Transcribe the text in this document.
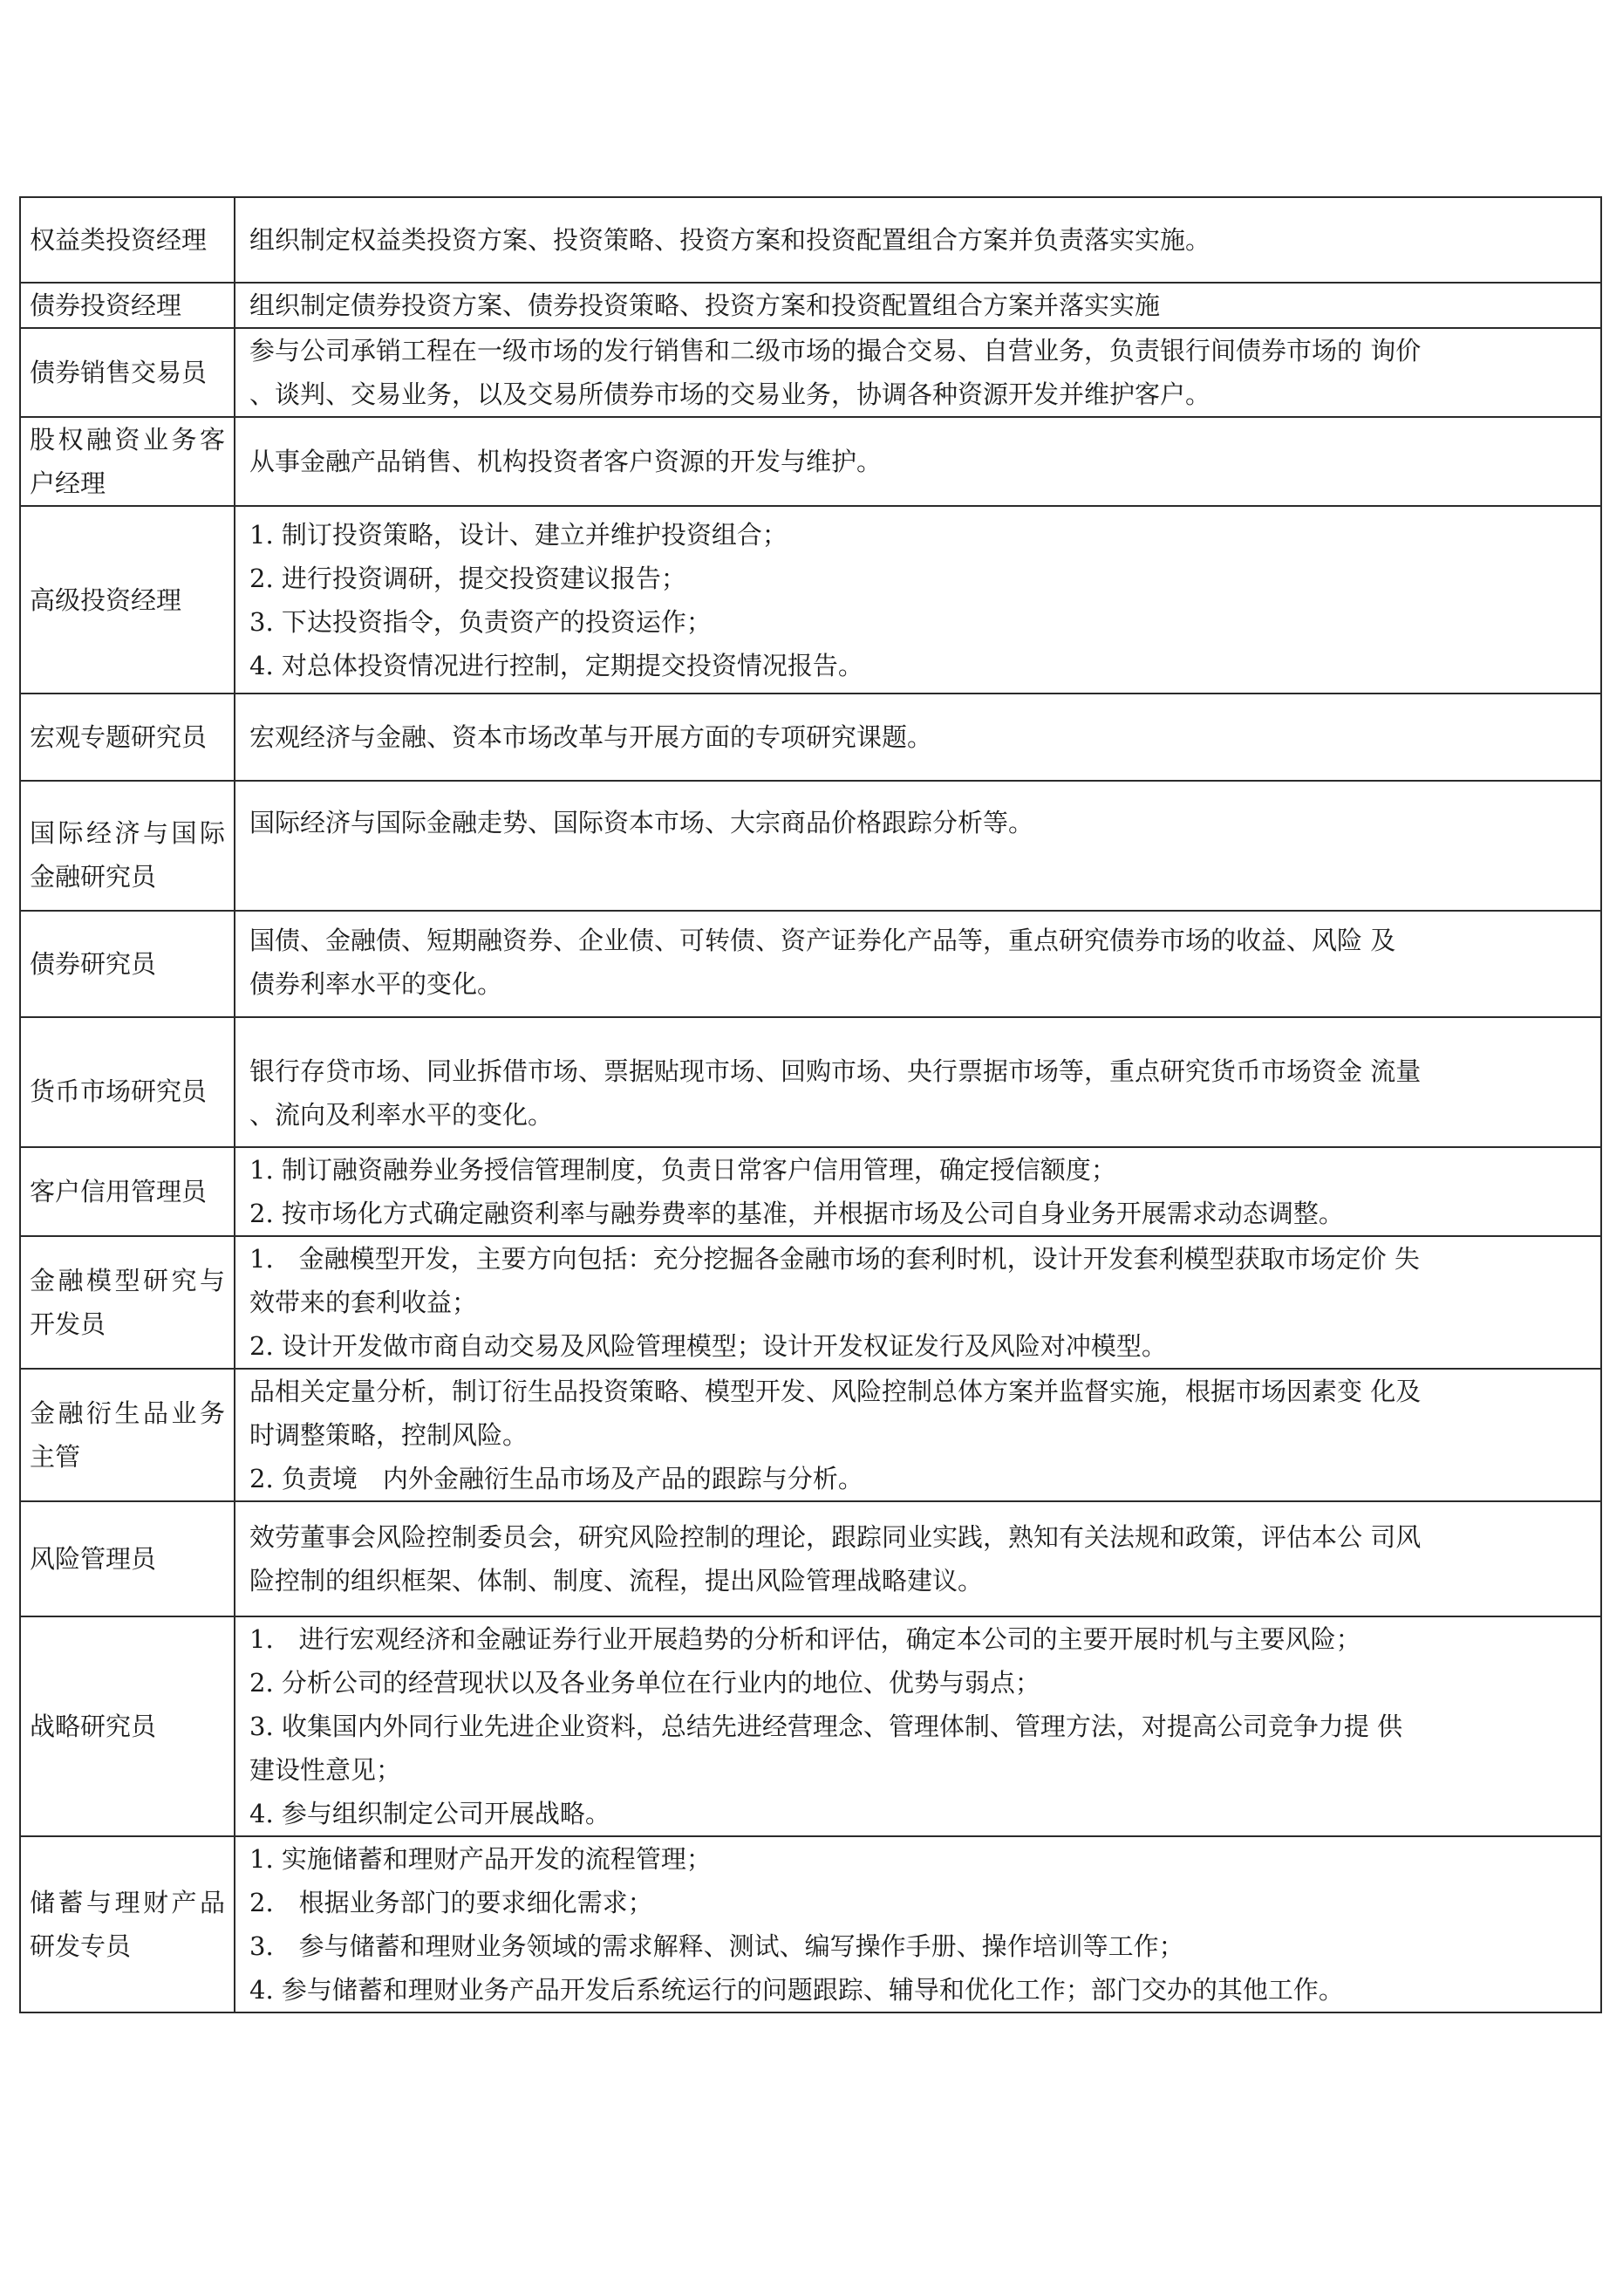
权益类投资经理	组织制定权益类投资方案、投资策略、投资方案和投资配置组合方案并负责落实实施。

债券投资经理	组织制定债券投资方案、债券投资策略、投资方案和投资配置组合方案并落实实施

债券销售交易员	参与公司承销工程在一级市场的发行销售和二级市场的撮合交易、自营业务，负责银行间债券市场的 询价
、谈判、交易业务，以及交易所债券市场的交易业务，协调各种资源开发并维护客户。

股权融资业务客户经理	从事金融产品销售、机构投资者客户资源的开发与维护。

高级投资经理	1. 制订投资策略，设计、建立并维护投资组合；
2. 进行投资调研，提交投资建议报告；
3. 下达投资指令，负责资产的投资运作；
4. 对总体投资情况进行控制，定期提交投资情况报告。

宏观专题研究员	宏观经济与金融、资本市场改革与开展方面的专项研究课题。

国际经济与国际金融研究员	国际经济与国际金融走势、国际资本市场、大宗商品价格跟踪分析等。

债券研究员	国债、金融债、短期融资券、企业债、可转债、资产证券化产品等，重点研究债券市场的收益、风险 及
债券利率水平的变化。

货币市场研究员	银行存贷市场、同业拆借市场、票据贴现市场、回购市场、央行票据市场等，重点研究货币市场资金 流量
、流向及利率水平的变化。

客户信用管理员	1. 制订融资融券业务授信管理制度，负责日常客户信用管理，确定授信额度；
2. 按市场化方式确定融资利率与融券费率的基准，并根据市场及公司自身业务开展需求动态调整。

金融模型研究与开发员	1.　金融模型开发，主要方向包括：充分挖掘各金融市场的套利时机，设计开发套利模型获取市场定价 失
效带来的套利收益；
2. 设计开发做市商自动交易及风险管理模型；设计开发权证发行及风险对冲模型。

金融衍生品业务主管	品相关定量分析，制订衍生品投资策略、模型开发、风险控制总体方案并监督实施，根据市场因素变 化及
时调整策略，控制风险。
2. 负责境　内外金融衍生品市场及产品的跟踪与分析。

风险管理员	效劳董事会风险控制委员会，研究风险控制的理论，跟踪同业实践，熟知有关法规和政策，评估本公 司风
险控制的组织框架、体制、制度、流程，提出风险管理战略建议。

战略研究员	1.　进行宏观经济和金融证券行业开展趋势的分析和评估，确定本公司的主要开展时机与主要风险；
2. 分析公司的经营现状以及各业务单位在行业内的地位、优势与弱点；
3. 收集国内外同行业先进企业资料，总结先进经营理念、管理体制、管理方法，对提高公司竞争力提 供
建设性意见；
4. 参与组织制定公司开展战略。

储蓄与理财产品研发专员	1. 实施储蓄和理财产品开发的流程管理；
2.　根据业务部门的要求细化需求；
3.　参与储蓄和理财业务领域的需求解释、测试、编写操作手册、操作培训等工作；
4. 参与储蓄和理财业务产品开发后系统运行的问题跟踪、辅导和优化工作；部门交办的其他工作。
